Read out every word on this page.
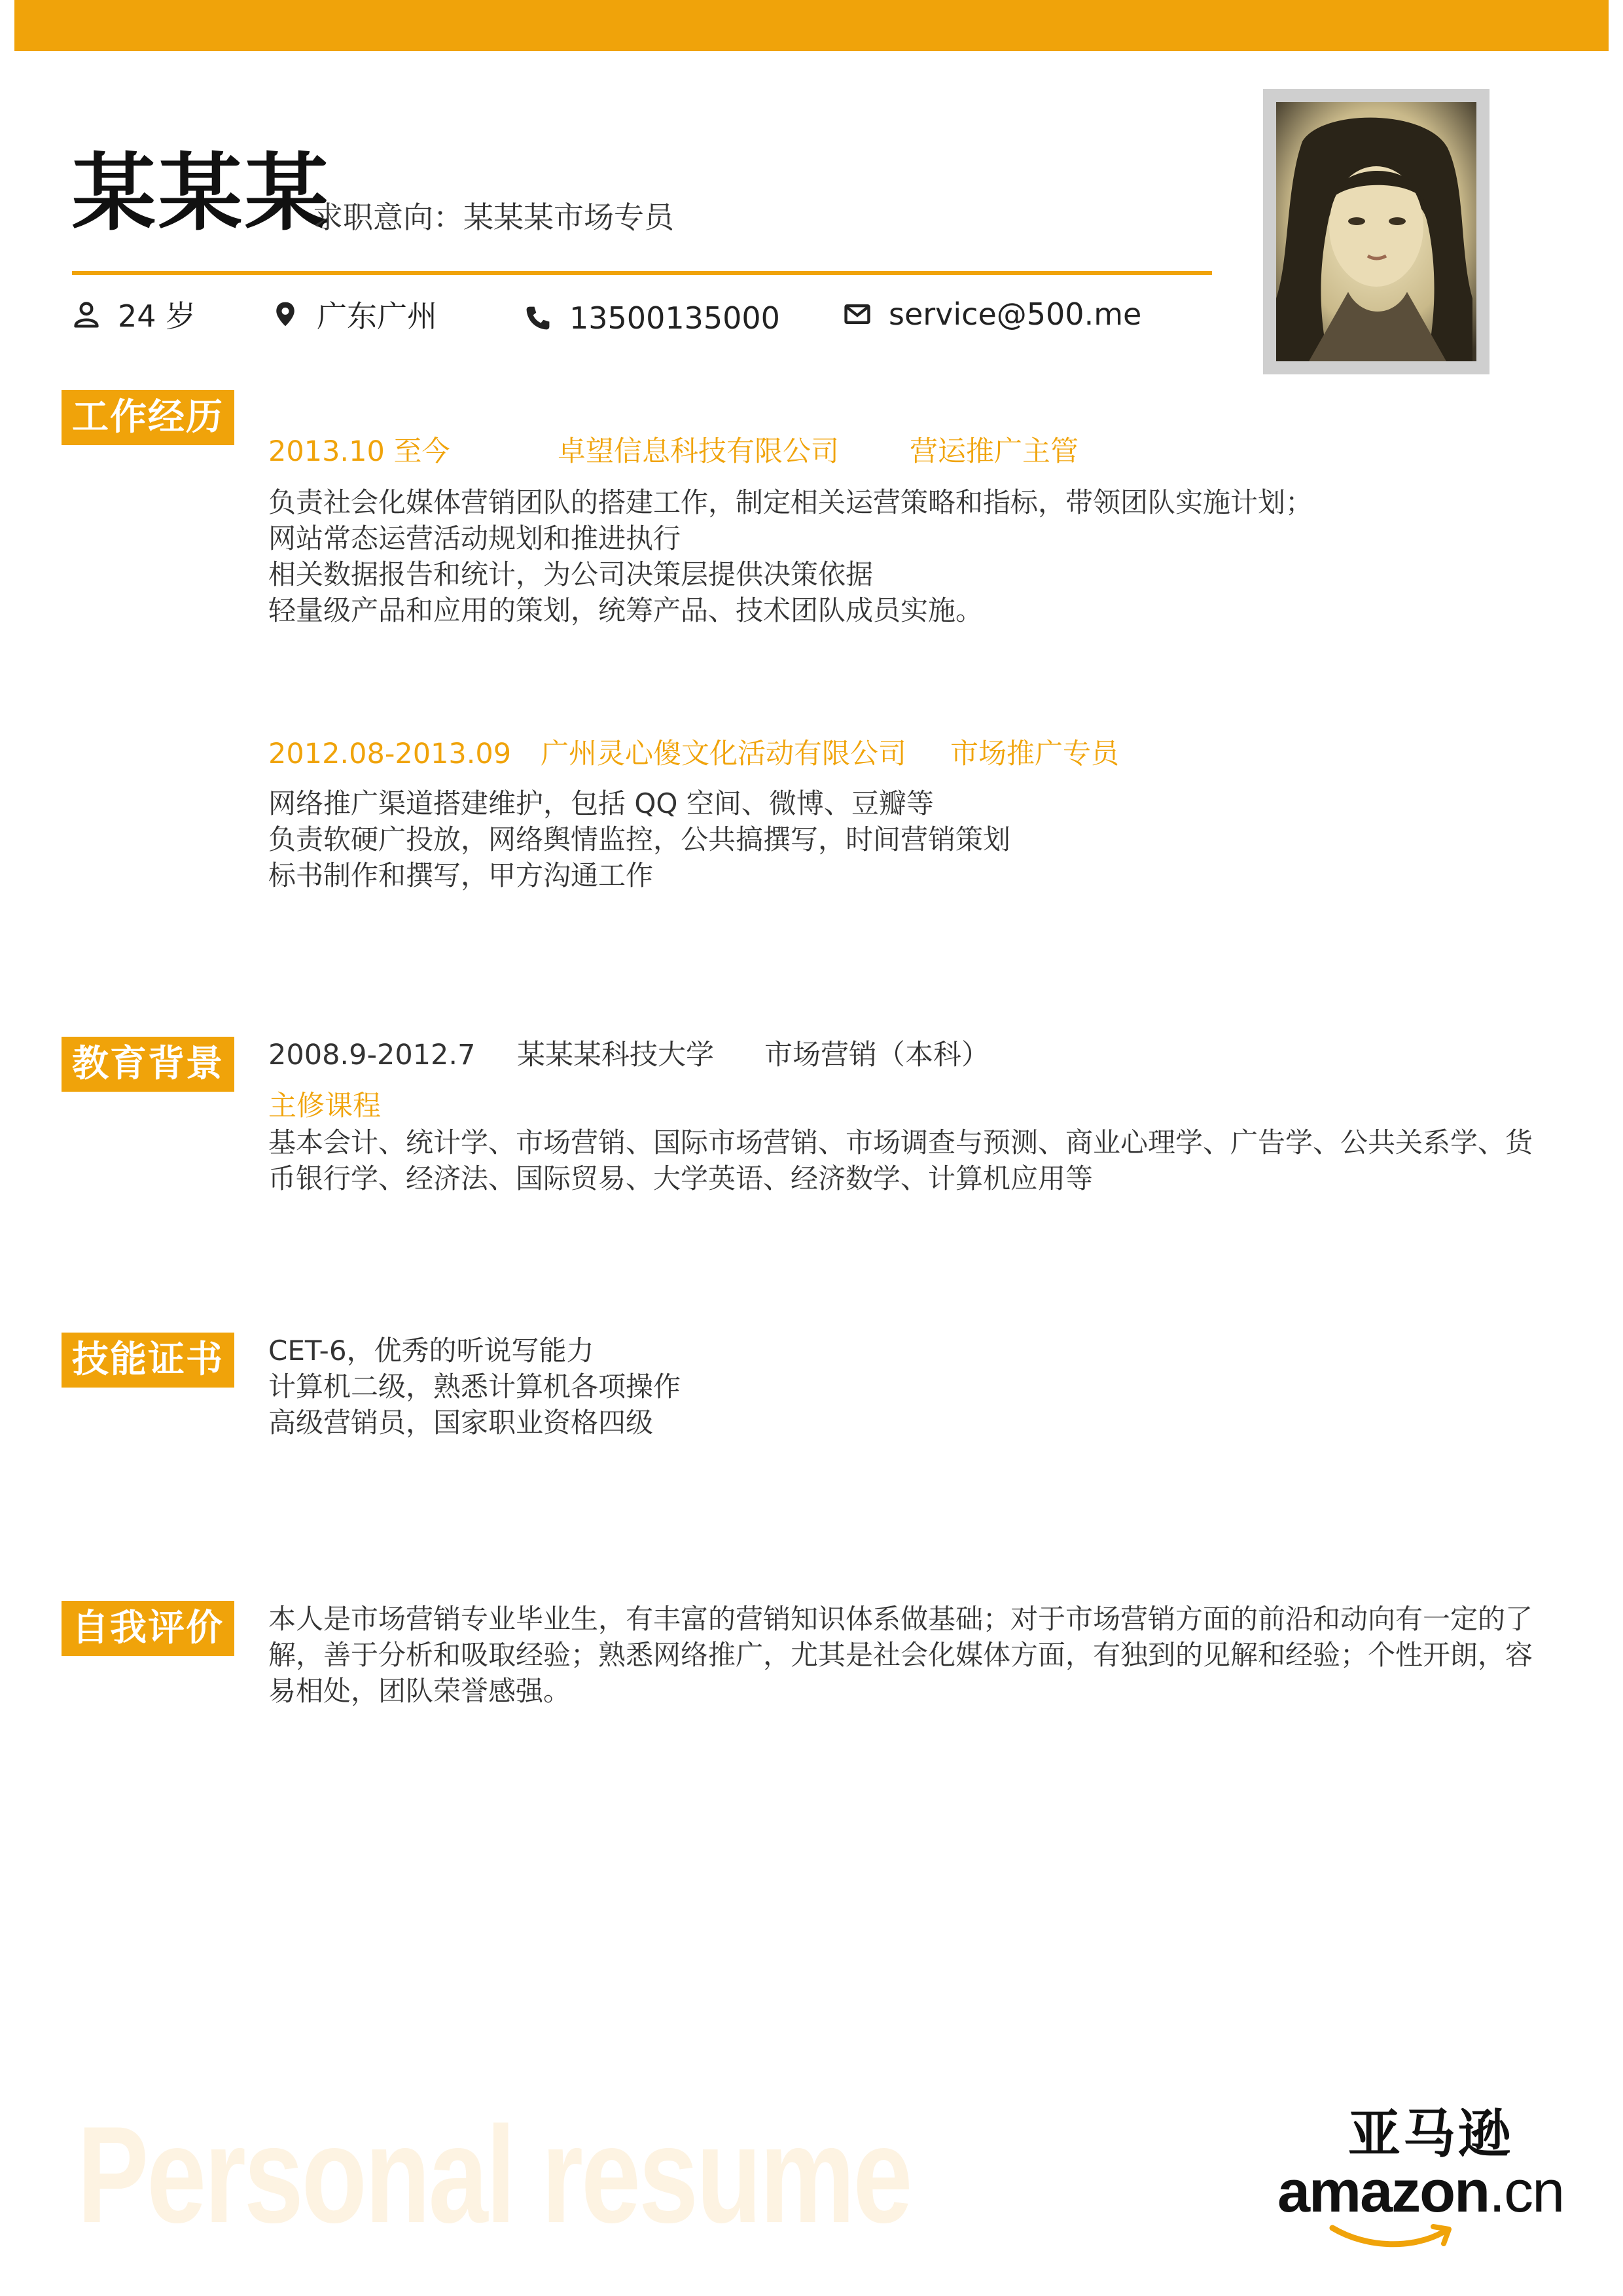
某某某
求职意向：某某某市场专员
24 岁	广东广州	13500135000	service@500.me
工作经历
2013.10 至今	卓望信息科技有限公司	营运推广主管
负责社会化媒体营销团队的搭建工作，制定相关运营策略和指标，带领团队实施计划；
网站常态运营活动规划和推进执行
相关数据报告和统计，为公司决策层提供决策依据
轻量级产品和应用的策划，统筹产品、技术团队成员实施。
2012.08-2013.09 广州灵心傻文化活动有限公司 市场推广专员
网络推广渠道搭建维护，包括 QQ 空间、微博、豆瓣等
负责软硬广投放，网络舆情监控，公共搞撰写，时间营销策划
标书制作和撰写，甲方沟通工作
教育背景	2008.9-2012.7 某某某科技大学 市场营销（本科）
主修课程
基本会计、统计学、市场营销、国际市场营销、市场调查与预测、商业心理学、广告学、公共关系学、货
币银行学、经济法、国际贸易、大学英语、经济数学、计算机应用等
技能证书	CET-6，优秀的听说写能力
计算机二级，熟悉计算机各项操作
高级营销员，国家职业资格四级
自我评价	本人是市场营销专业毕业生，有丰富的营销知识体系做基础；对于市场营销方面的前沿和动向有一定的了
解，善于分析和吸取经验；熟悉网络推广，尤其是社会化媒体方面，有独到的见解和经验；个性开朗，容
易相处，团队荣誉感强。
Personal resume	亚马逊
amazon.cn
